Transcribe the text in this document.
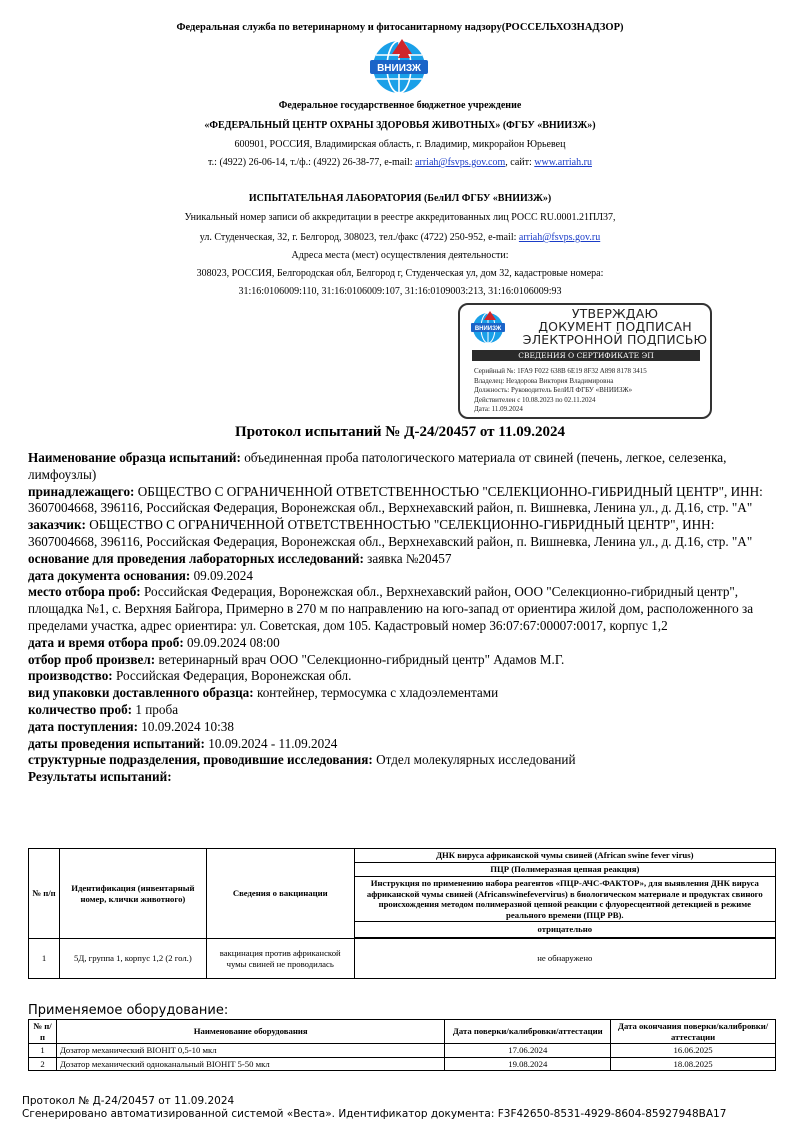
Федеральная служба по ветеринарному и фитосанитарному надзору(РОССЕЛЬХОЗНАДЗОР)
ВНИИЗЖ
Федеральное государственное бюджетное учреждение
«ФЕДЕРАЛЬНЫЙ ЦЕНТР ОХРАНЫ ЗДОРОВЬЯ ЖИВОТНЫХ» (ФГБУ «ВНИИЗЖ»)
600901, РОССИЯ, Владимирская область, г. Владимир, микрорайон Юрьевец
т.: (4922) 26-06-14, т./ф.: (4922) 26-38-77, e-mail: arriah@fsvps.gov.com, сайт: www.arriah.ru
ИСПЫТАТЕЛЬНАЯ ЛАБОРАТОРИЯ (БелИЛ ФГБУ «ВНИИЗЖ»)
Уникальный номер записи об аккредитации в реестре аккредитованных лиц РОСС RU.0001.21ПЛ37,
ул. Студенческая, 32, г. Белгород, 308023, тел./факс (4722) 250-952, e-mail: arriah@fsvps.gov.ru
Адреса места (мест) осуществления деятельности:
308023, РОССИЯ, Белгородская обл, Белгород г, Студенческая ул, дом 32, кадастровые номера:
31:16:0106009:110, 31:16:0106009:107, 31:16:0109003:213, 31:16:0106009:93
ВНИИЗЖ
УТВЕРЖДАЮ
ДОКУМЕНТ ПОДПИСАН
ЭЛЕКТРОННОЙ ПОДПИСЬЮ
СВЕДЕНИЯ О СЕРТИФИКАТЕ ЭП
Серийный №: 1FA9 F022 638B 6E19 8F32 A898 8178 3415
Владелец: Нездорова Виктория Владимировна
Должность: Руководитель БелИЛ ФГБУ «ВНИИЗЖ»
Действителен с 10.08.2023 по 02.11.2024
Дата: 11.09.2024
Протокол испытаний № Д-24/20457 от 11.09.2024

Наименование образца испытаний: объединенная проба патологического материала от свиней (печень, легкое, селезенка, лимфоузлы)

принадлежащего: ОБЩЕСТВО С ОГРАНИЧЕННОЙ ОТВЕТСТВЕННОСТЬЮ "СЕЛЕКЦИОННО-ГИБРИДНЫЙ ЦЕНТР", ИНН: 3607004668, 396116, Российская Федерация, Воронежская обл., Верхнехавский район, п. Вишневка, Ленина ул., д. Д.16, стр. "А"

заказчик: ОБЩЕСТВО С ОГРАНИЧЕННОЙ ОТВЕТСТВЕННОСТЬЮ "СЕЛЕКЦИОННО-ГИБРИДНЫЙ ЦЕНТР", ИНН: 3607004668, 396116, Российская Федерация, Воронежская обл., Верхнехавский район, п. Вишневка, Ленина ул., д. Д.16, стр. "А"

основание для проведения лабораторных исследований: заявка №20457

дата документа основания: 09.09.2024

место отбора проб: Российская Федерация, Воронежская обл., Верхнехавский район, ООО "Селекционно-гибридный центр", площадка №1, с. Верхняя Байгора, Примерно в 270 м по направлению на юго-запад от ориентира жилой дом, расположенного за пределами участка, адрес ориентира: ул. Советская, дом 105. Кадастровый номер 36:07:67:00007:0017, корпус 1,2

дата и время отбора проб: 09.09.2024 08:00

отбор проб произвел: ветеринарный врач ООО "Селекционно-гибридный центр" Адамов М.Г.

производство: Российская Федерация, Воронежская обл.

вид упаковки доставленного образца: контейнер, термосумка с хладоэлементами

количество проб: 1 проба

дата поступления: 10.09.2024 10:38

даты проведения испытаний: 10.09.2024 - 11.09.2024

структурные подразделения, проводившие исследования: Отдел молекулярных исследований

Результаты испытаний:

№ п/п	Идентификация (инвентарный номер, клички животного)	Сведения о вакцинации	ДНК вируса африканской чумы свиней (African swine fever virus)
			ПЦР (Полимеразная цепная реакция)
			Инструкция по применению набора реагентов «ПЦР-АЧС-ФАКТОР», для выявления ДНК вируса африканской чумы свиней (Africanswinefevervirus) в биологическом материале и продуктах свиного происхождения методом полимеразной цепной реакции с флуоресцентной детекцией в режиме реального времени (ПЦР РВ).
			отрицательно

1	5Д, группа 1, корпус 1,2 (2 гол.)	вакцинация против африканской чумы свиней не проводилась	не обнаружено
Применяемое оборудование:
№ п/п	Наименование оборудования	Дата поверки/калибровки/аттестации	Дата окончания поверки/калибровки/аттестации
1	Дозатор механический BIOHIT 0,5-10 мкл	17.06.2024	16.06.2025
2	Дозатор механический одноканальный BIOHIT 5-50 мкл	19.08.2024	18.08.2025
Протокол № Д-24/20457 от 11.09.2024
Сгенерировано автоматизированной системой «Веста». Идентификатор документа: F3F42650-8531-4929-8604-85927948BA17
